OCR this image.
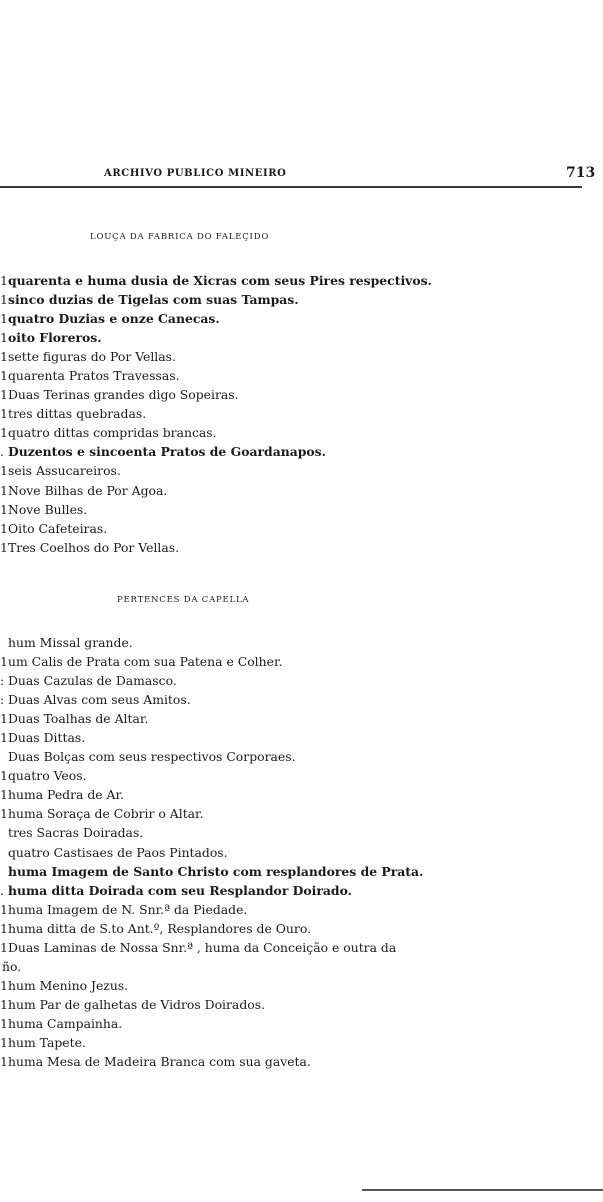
ARCHIVO PUBLICO MINEIRO	713
LOUÇA DA FABRICA DO FALEÇIDO
1quarenta e huma dusia de Xicras com seus Pires respectivos.
1sinco duzias de Tigelas com suas Tampas.
1quatro Duzias e onze Canecas.
1oito Floreros.
1sette figuras do Por Vellas.
1quarenta Pratos Travessas.
1Duas Terinas grandes digo Sopeiras.
1tres dittas quebradas.
1quatro dittas compridas brancas.
. Duzentos e sincoenta Pratos de Goardanapos.
1seis Assucareiros.
1Nove Bilhas de Por Agoa.
1Nove Bulles.
1Oito Cafeteiras.
1Tres Coelhos do Por Vellas.
PERTENCES DA CAPELLA
hum Missal grande.
1um Calis de Prata com sua Patena e Colher.
: Duas Cazulas de Damasco.
: Duas Alvas com seus Amitos.
1Duas Toalhas de Altar.
1Duas Dittas.
Duas Bolças com seus respectivos Corporaes.
1quatro Veos.
1huma Pedra de Ar.
1huma Soraça de Cobrir o Altar.
tres Sacras Doiradas.
quatro Castisaes de Paos Pintados.
huma Imagem de Santo Christo com resplandores de Prata.
. huma ditta Doirada com seu Resplandor Doirado.
1huma Imagem de N. Snr.ª da Piedade.
1huma ditta de S.to Ant.º, Resplandores de Ouro.
1Duas Laminas de Nossa Snr.ª , huma da Conceição e outra da
ño.
1hum Menino Jezus.
1hum Par de galhetas de Vidros Doirados.
1huma Campainha.
1hum Tapete.
1huma Mesa de Madeira Branca com sua gaveta.
